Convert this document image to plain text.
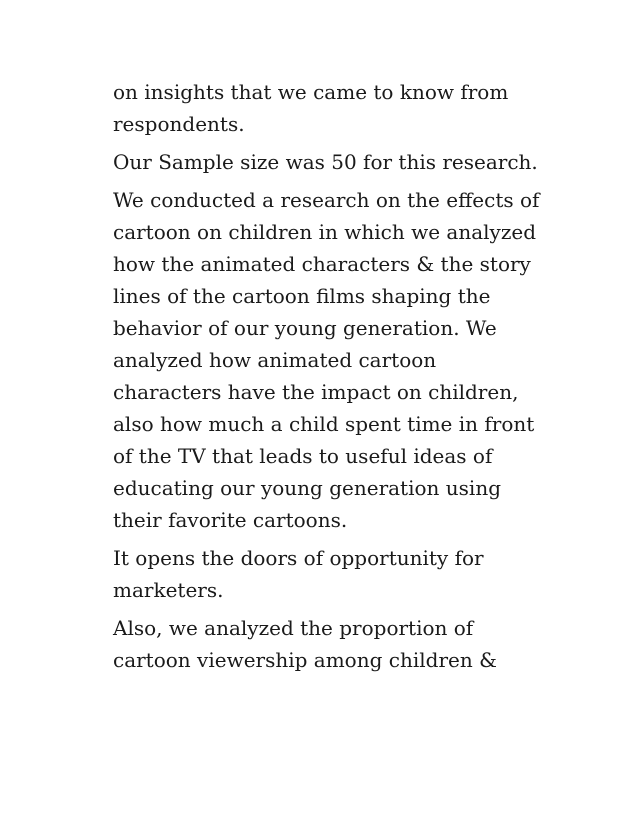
on insights that we came to know from
respondents.

Our Sample size was 50 for this research.

We conducted a research on the effects of
cartoon on children in which we analyzed
how the animated characters & the story
lines of the cartoon films shaping the
behavior of our young generation. We
analyzed how animated cartoon
characters have the impact on children,
also how much a child spent time in front
of the TV that leads to useful ideas of
educating our young generation using
their favorite cartoons.

It opens the doors of opportunity for
marketers.

Also, we analyzed the proportion of
cartoon viewership among children &
